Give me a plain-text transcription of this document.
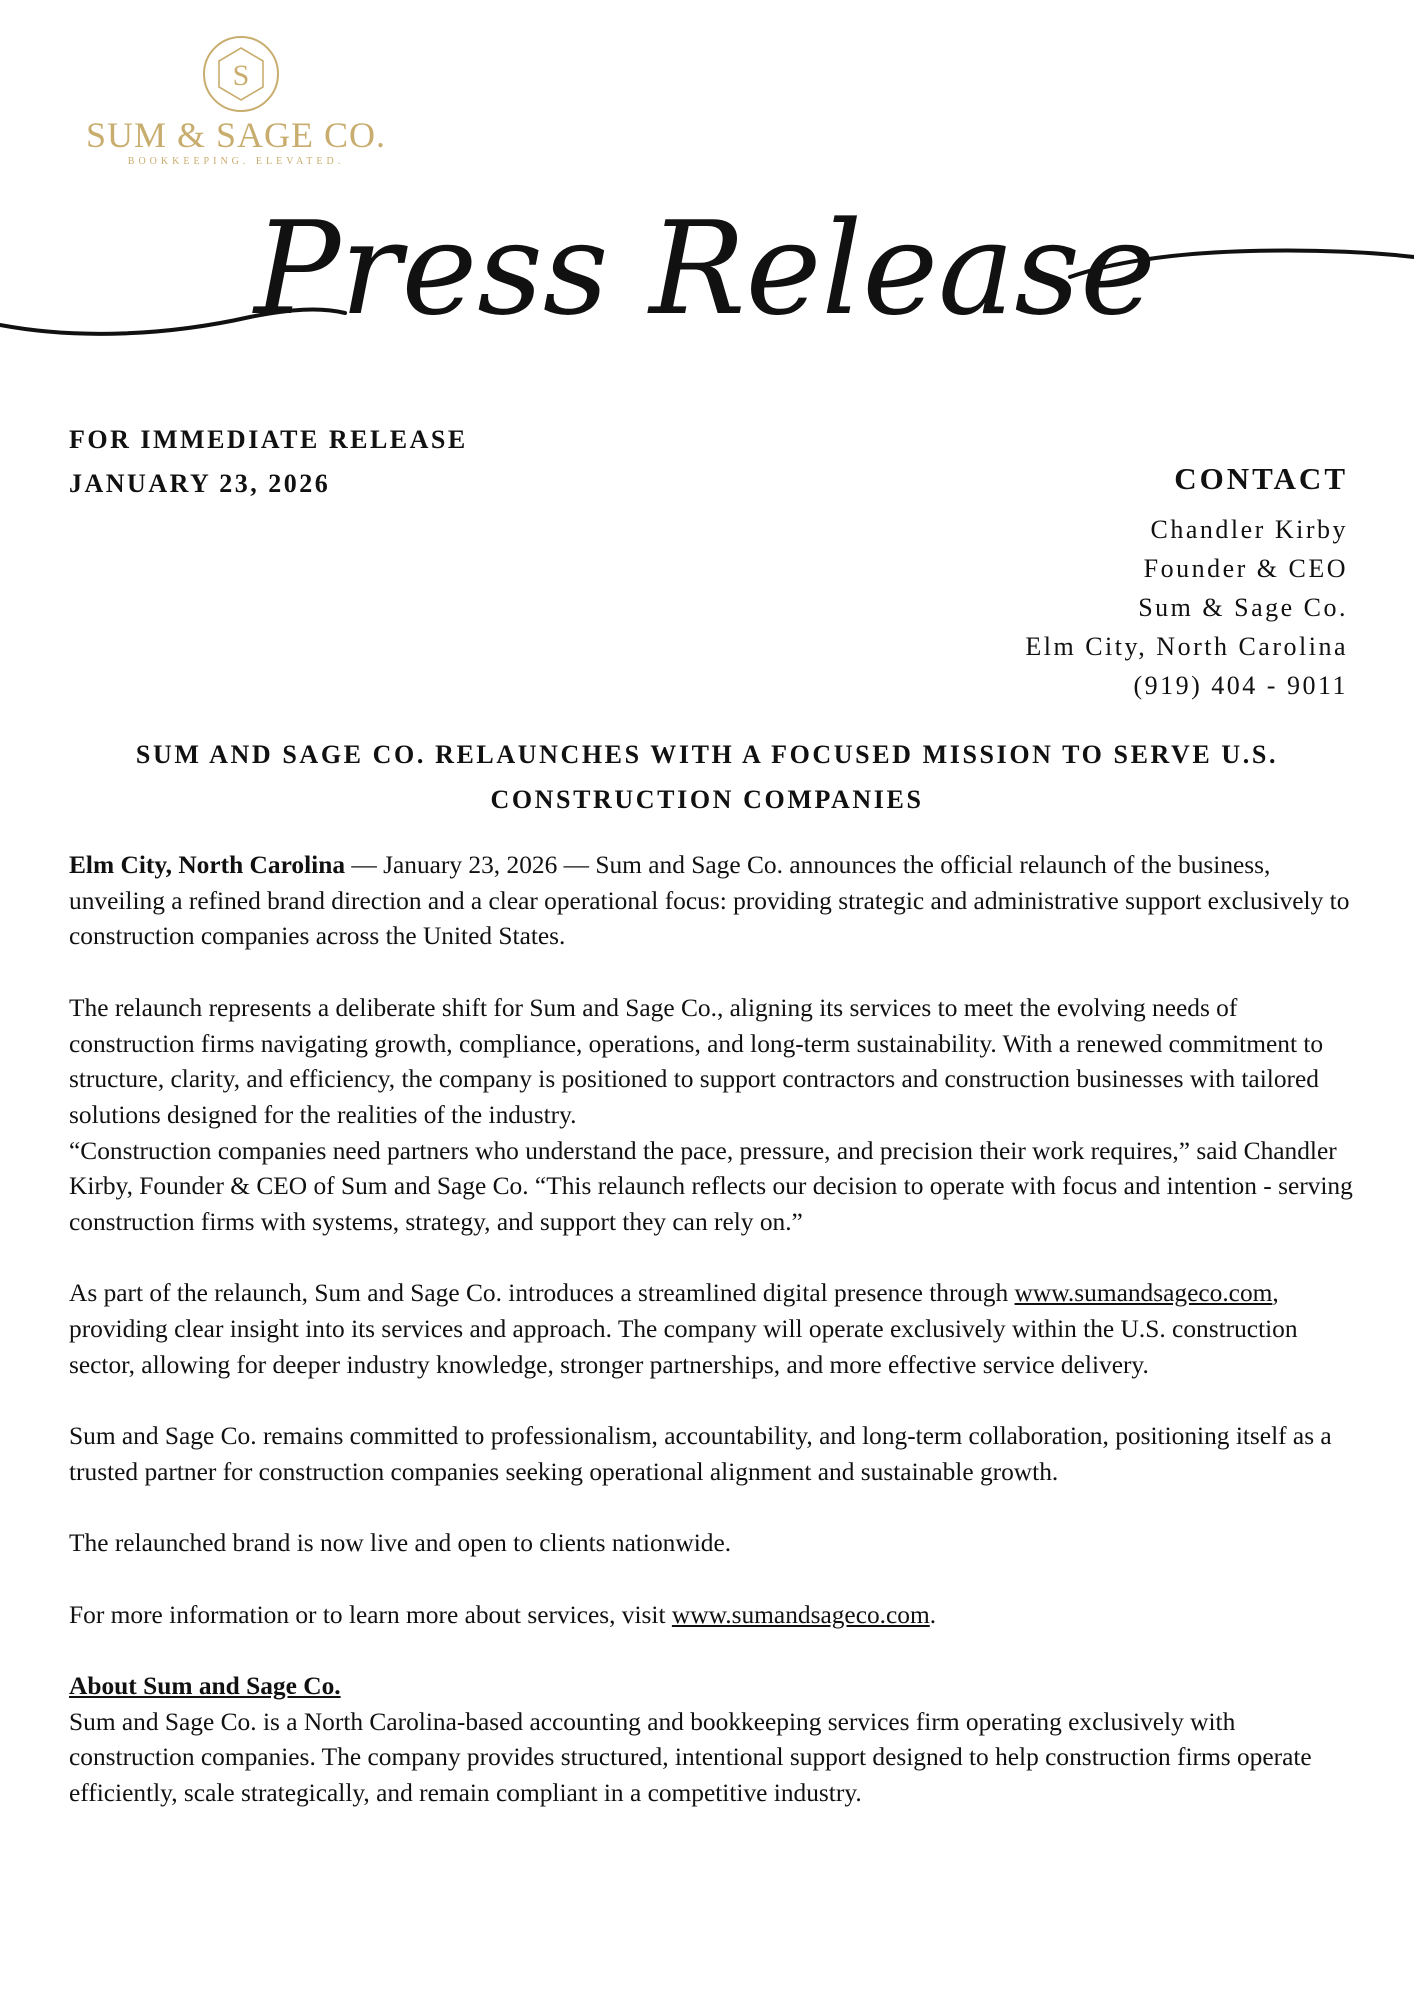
S
SUM & SAGE CO.
BOOKKEEPING. ELEVATED.
Press Release
FOR IMMEDIATE RELEASE
JANUARY 23, 2026	CONTACT
Chandler Kirby
Founder & CEO
Sum & Sage Co.
Elm City, North Carolina
(919) 404 - 9011
SUM AND SAGE CO. RELAUNCHES WITH A FOCUSED MISSION TO SERVE U.S.
CONSTRUCTION COMPANIES

Elm City, North Carolina — January 23, 2026 — Sum and Sage Co. announces the official relaunch of the business, unveiling a refined brand direction and a clear operational focus: providing strategic and administrative support exclusively to construction companies across the United States.

The relaunch represents a deliberate shift for Sum and Sage Co., aligning its services to meet the evolving needs of construction firms navigating growth, compliance, operations, and long-term sustainability. With a renewed commitment to structure, clarity, and efficiency, the company is positioned to support contractors and construction businesses with tailored solutions designed for the realities of the industry.

“Construction companies need partners who understand the pace, pressure, and precision their work requires,” said Chandler Kirby, Founder & CEO of Sum and Sage Co. “This relaunch reflects our decision to operate with focus and intention - serving construction firms with systems, strategy, and support they can rely on.”

As part of the relaunch, Sum and Sage Co. introduces a streamlined digital presence through www.sumandsageco.com, providing clear insight into its services and approach. The company will operate exclusively within the U.S. construction sector, allowing for deeper industry knowledge, stronger partnerships, and more effective service delivery.

Sum and Sage Co. remains committed to professionalism, accountability, and long-term collaboration, positioning itself as a trusted partner for construction companies seeking operational alignment and sustainable growth.

The relaunched brand is now live and open to clients nationwide.

For more information or to learn more about services, visit www.sumandsageco.com.

About Sum and Sage Co.
Sum and Sage Co. is a North Carolina-based accounting and bookkeeping services firm operating exclusively with construction companies. The company provides structured, intentional support designed to help construction firms operate efficiently, scale strategically, and remain compliant in a competitive industry.
